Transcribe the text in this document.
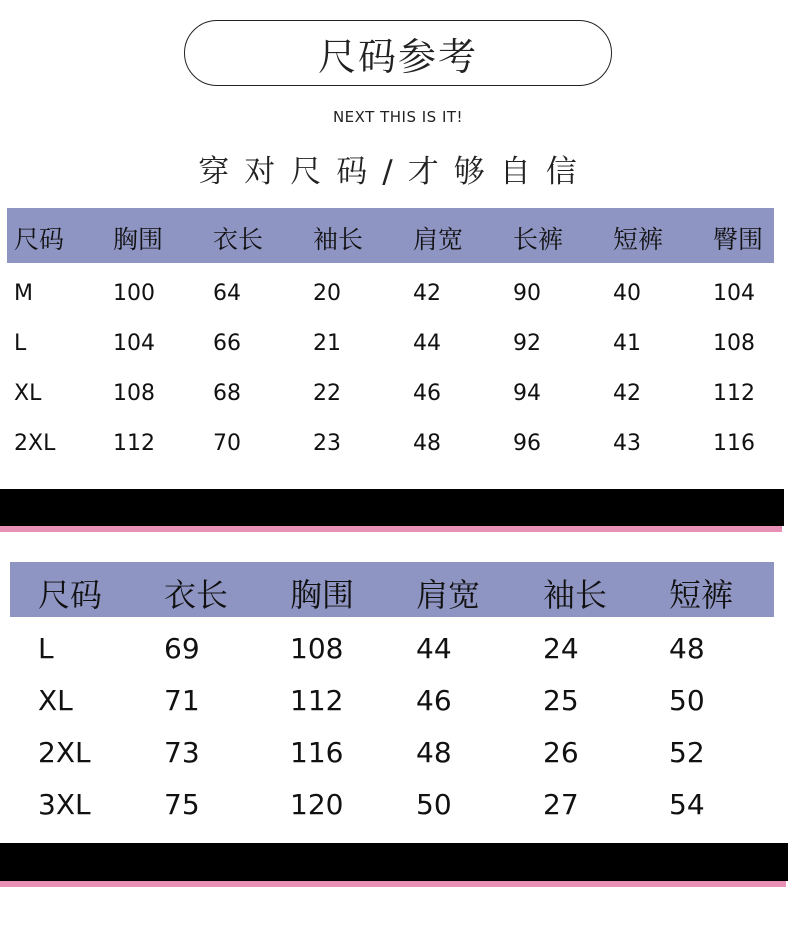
尺码参考
NEXT THIS IS IT!
穿对尺码/才够自信
尺码 胸围 衣长 袖长 肩宽 长裤 短裤 臀围
M	100	64	20	42	90	40	104
L	104	66	21	44	92	41	108
XL	108	68	22	46	94	42	112
2XL	112	70	23	48	96	43	116
尺码 衣长 胸围 肩宽 袖长 短裤
L	69	108	44	24	48
XL	71	112	46	25	50
2XL	73	116	48	26	52
3XL	75	120	50	27	54
